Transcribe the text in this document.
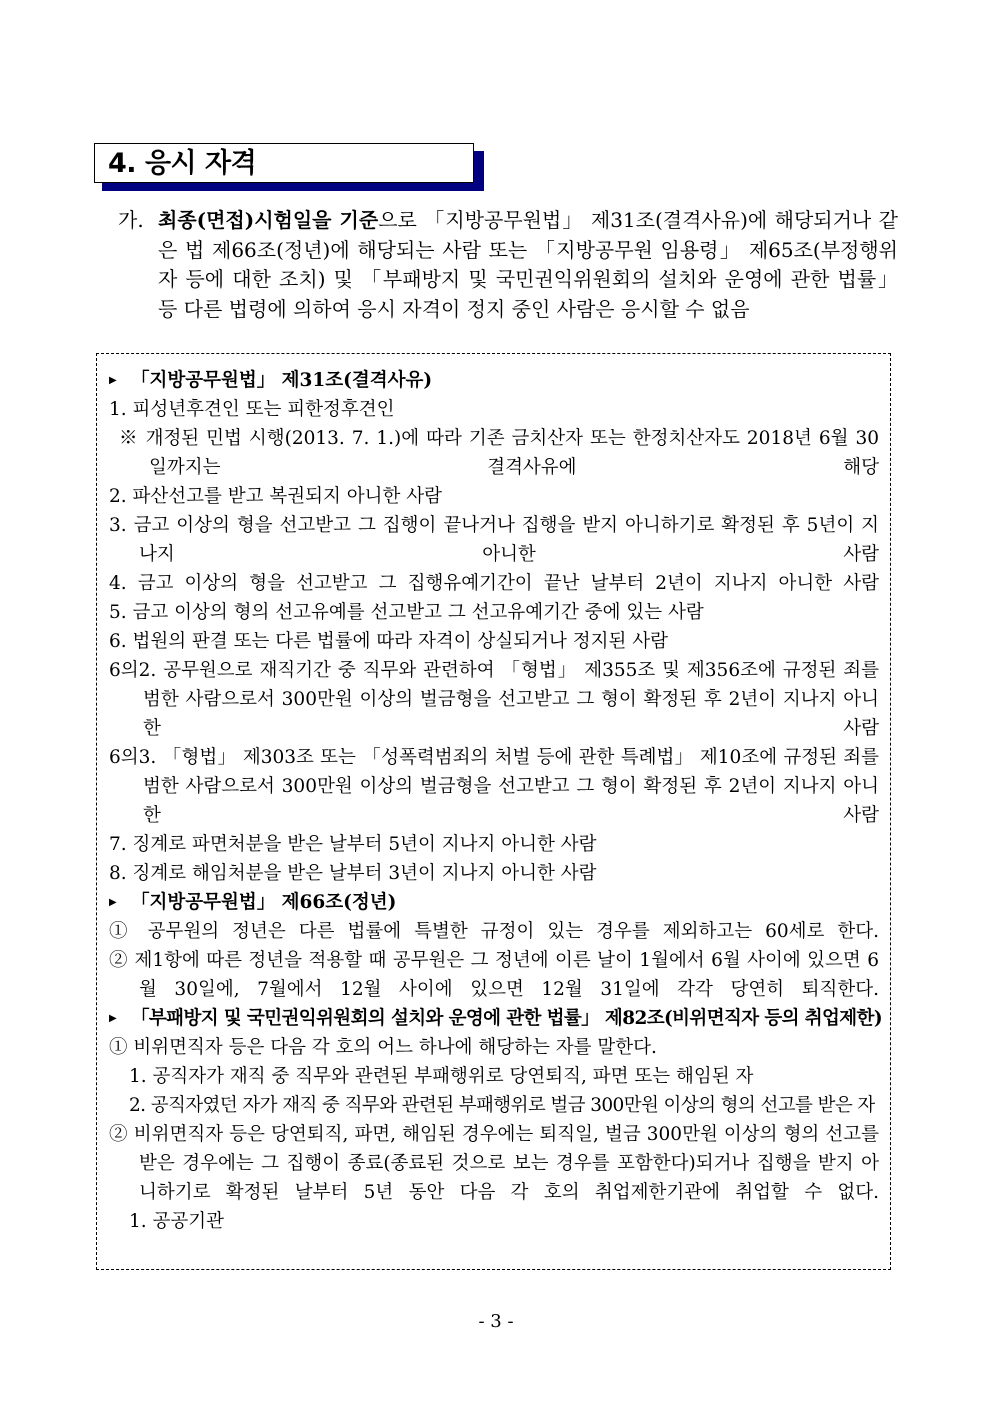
4. 응시 자격
가. 최종(면접)시험일을 기준으로 「지방공무원법」 제31조(결격사유)에 해당되거나 같은 법 제66조(정년)에 해당되는 사람 또는 「지방공무원 임용령」 제65조(부정행위자 등에 대한 조치) 및 「부패방지 및 국민권익위원회의 설치와 운영에 관한 법률」 등 다른 법령에 의하여 응시 자격이 정지 중인 사람은 응시할 수 없음
▶ 「지방공무원법」 제31조(결격사유)
1. 피성년후견인 또는 피한정후견인
※ 개정된 민법 시행(2013. 7. 1.)에 따라 기존 금치산자 또는 한정치산자도 2018년 6월 30일까지는 결격사유에 해당
2. 파산선고를 받고 복권되지 아니한 사람
3. 금고 이상의 형을 선고받고 그 집행이 끝나거나 집행을 받지 아니하기로 확정된 후 5년이 지나지 아니한 사람
4. 금고 이상의 형을 선고받고 그 집행유예기간이 끝난 날부터 2년이 지나지 아니한 사람
5. 금고 이상의 형의 선고유예를 선고받고 그 선고유예기간 중에 있는 사람
6. 법원의 판결 또는 다른 법률에 따라 자격이 상실되거나 정지된 사람
6의2. 공무원으로 재직기간 중 직무와 관련하여 「형법」 제355조 및 제356조에 규정된 죄를 범한 사람으로서 300만원 이상의 벌금형을 선고받고 그 형이 확정된 후 2년이 지나지 아니한 사람
6의3. 「형법」 제303조 또는 「성폭력범죄의 처벌 등에 관한 특례법」 제10조에 규정된 죄를 범한 사람으로서 300만원 이상의 벌금형을 선고받고 그 형이 확정된 후 2년이 지나지 아니한 사람
7. 징계로 파면처분을 받은 날부터 5년이 지나지 아니한 사람
8. 징계로 해임처분을 받은 날부터 3년이 지나지 아니한 사람
▶ 「지방공무원법」 제66조(정년)
① 공무원의 정년은 다른 법률에 특별한 규정이 있는 경우를 제외하고는 60세로 한다.
② 제1항에 따른 정년을 적용할 때 공무원은 그 정년에 이른 날이 1월에서 6월 사이에 있으면 6월 30일에, 7월에서 12월 사이에 있으면 12월 31일에 각각 당연히 퇴직한다.
▶ 「부패방지 및 국민권익위원회의 설치와 운영에 관한 법률」 제82조(비위면직자 등의 취업제한)
① 비위면직자 등은 다음 각 호의 어느 하나에 해당하는 자를 말한다.
1. 공직자가 재직 중 직무와 관련된 부패행위로 당연퇴직, 파면 또는 해임된 자
2. 공직자였던 자가 재직 중 직무와 관련된 부패행위로 벌금 300만원 이상의 형의 선고를 받은 자
② 비위면직자 등은 당연퇴직, 파면, 해임된 경우에는 퇴직일, 벌금 300만원 이상의 형의 선고를 받은 경우에는 그 집행이 종료(종료된 것으로 보는 경우를 포함한다)되거나 집행을 받지 아니하기로 확정된 날부터 5년 동안 다음 각 호의 취업제한기관에 취업할 수 없다.
1. 공공기관
- 3 -
